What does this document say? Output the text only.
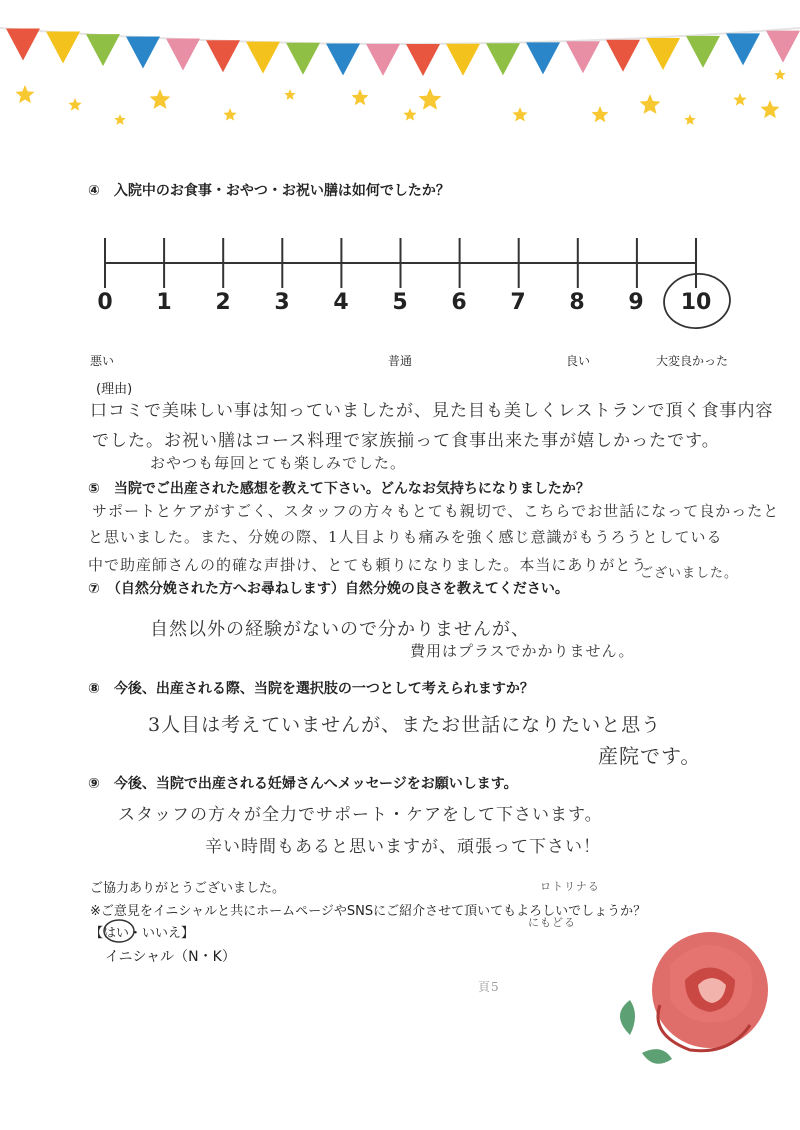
④　入院中のお食事・おやつ・お祝い膳は如何でしたか？
0	1	2	3	4	5	6	7	8	9	10
悪い	普通	良い	大変良かった
(理由)
口コミで美味しい事は知っていましたが、見た目も美しくレストランで頂く食事内容
でした。お祝い膳はコース料理で家族揃って食事出来た事が嬉しかったです。
おやつも毎回とても楽しみでした。
⑤　当院でご出産された感想を教えて下さい。どんなお気持ちになりましたか？
サポートとケアがすごく、スタッフの方々もとても親切で、こちらでお世話になって良かったと
と思いました。また、分娩の際、1人目よりも痛みを強く感じ意識がもうろうとしている
中で助産師さんの的確な声掛け、とても頼りになりました。本当にありがとう
ございました。
⑦　（自然分娩された方へお尋ねします）自然分娩の良さを教えてください。
自然以外の経験がないので分かりませんが、
費用はプラスでかかりません。
⑧　今後、出産される際、当院を選択肢の一つとして考えられますか？
3人目は考えていませんが、またお世話になりたいと思う
産院です。
⑨　今後、当院で出産される妊婦さんへメッセージをお願いします。
スタッフの方々が全力でサポート・ケアをして下さいます。
辛い時間もあると思いますが、頑張って下さい！
ご協力ありがとうございました。
※ご意見をイニシャルと共にホームページやSNSにご紹介させて頂いてもよろしいでしょうか？
【はい・いいえ】
イニシャル（N・K）
ロトリナる
にもどる
頁5
